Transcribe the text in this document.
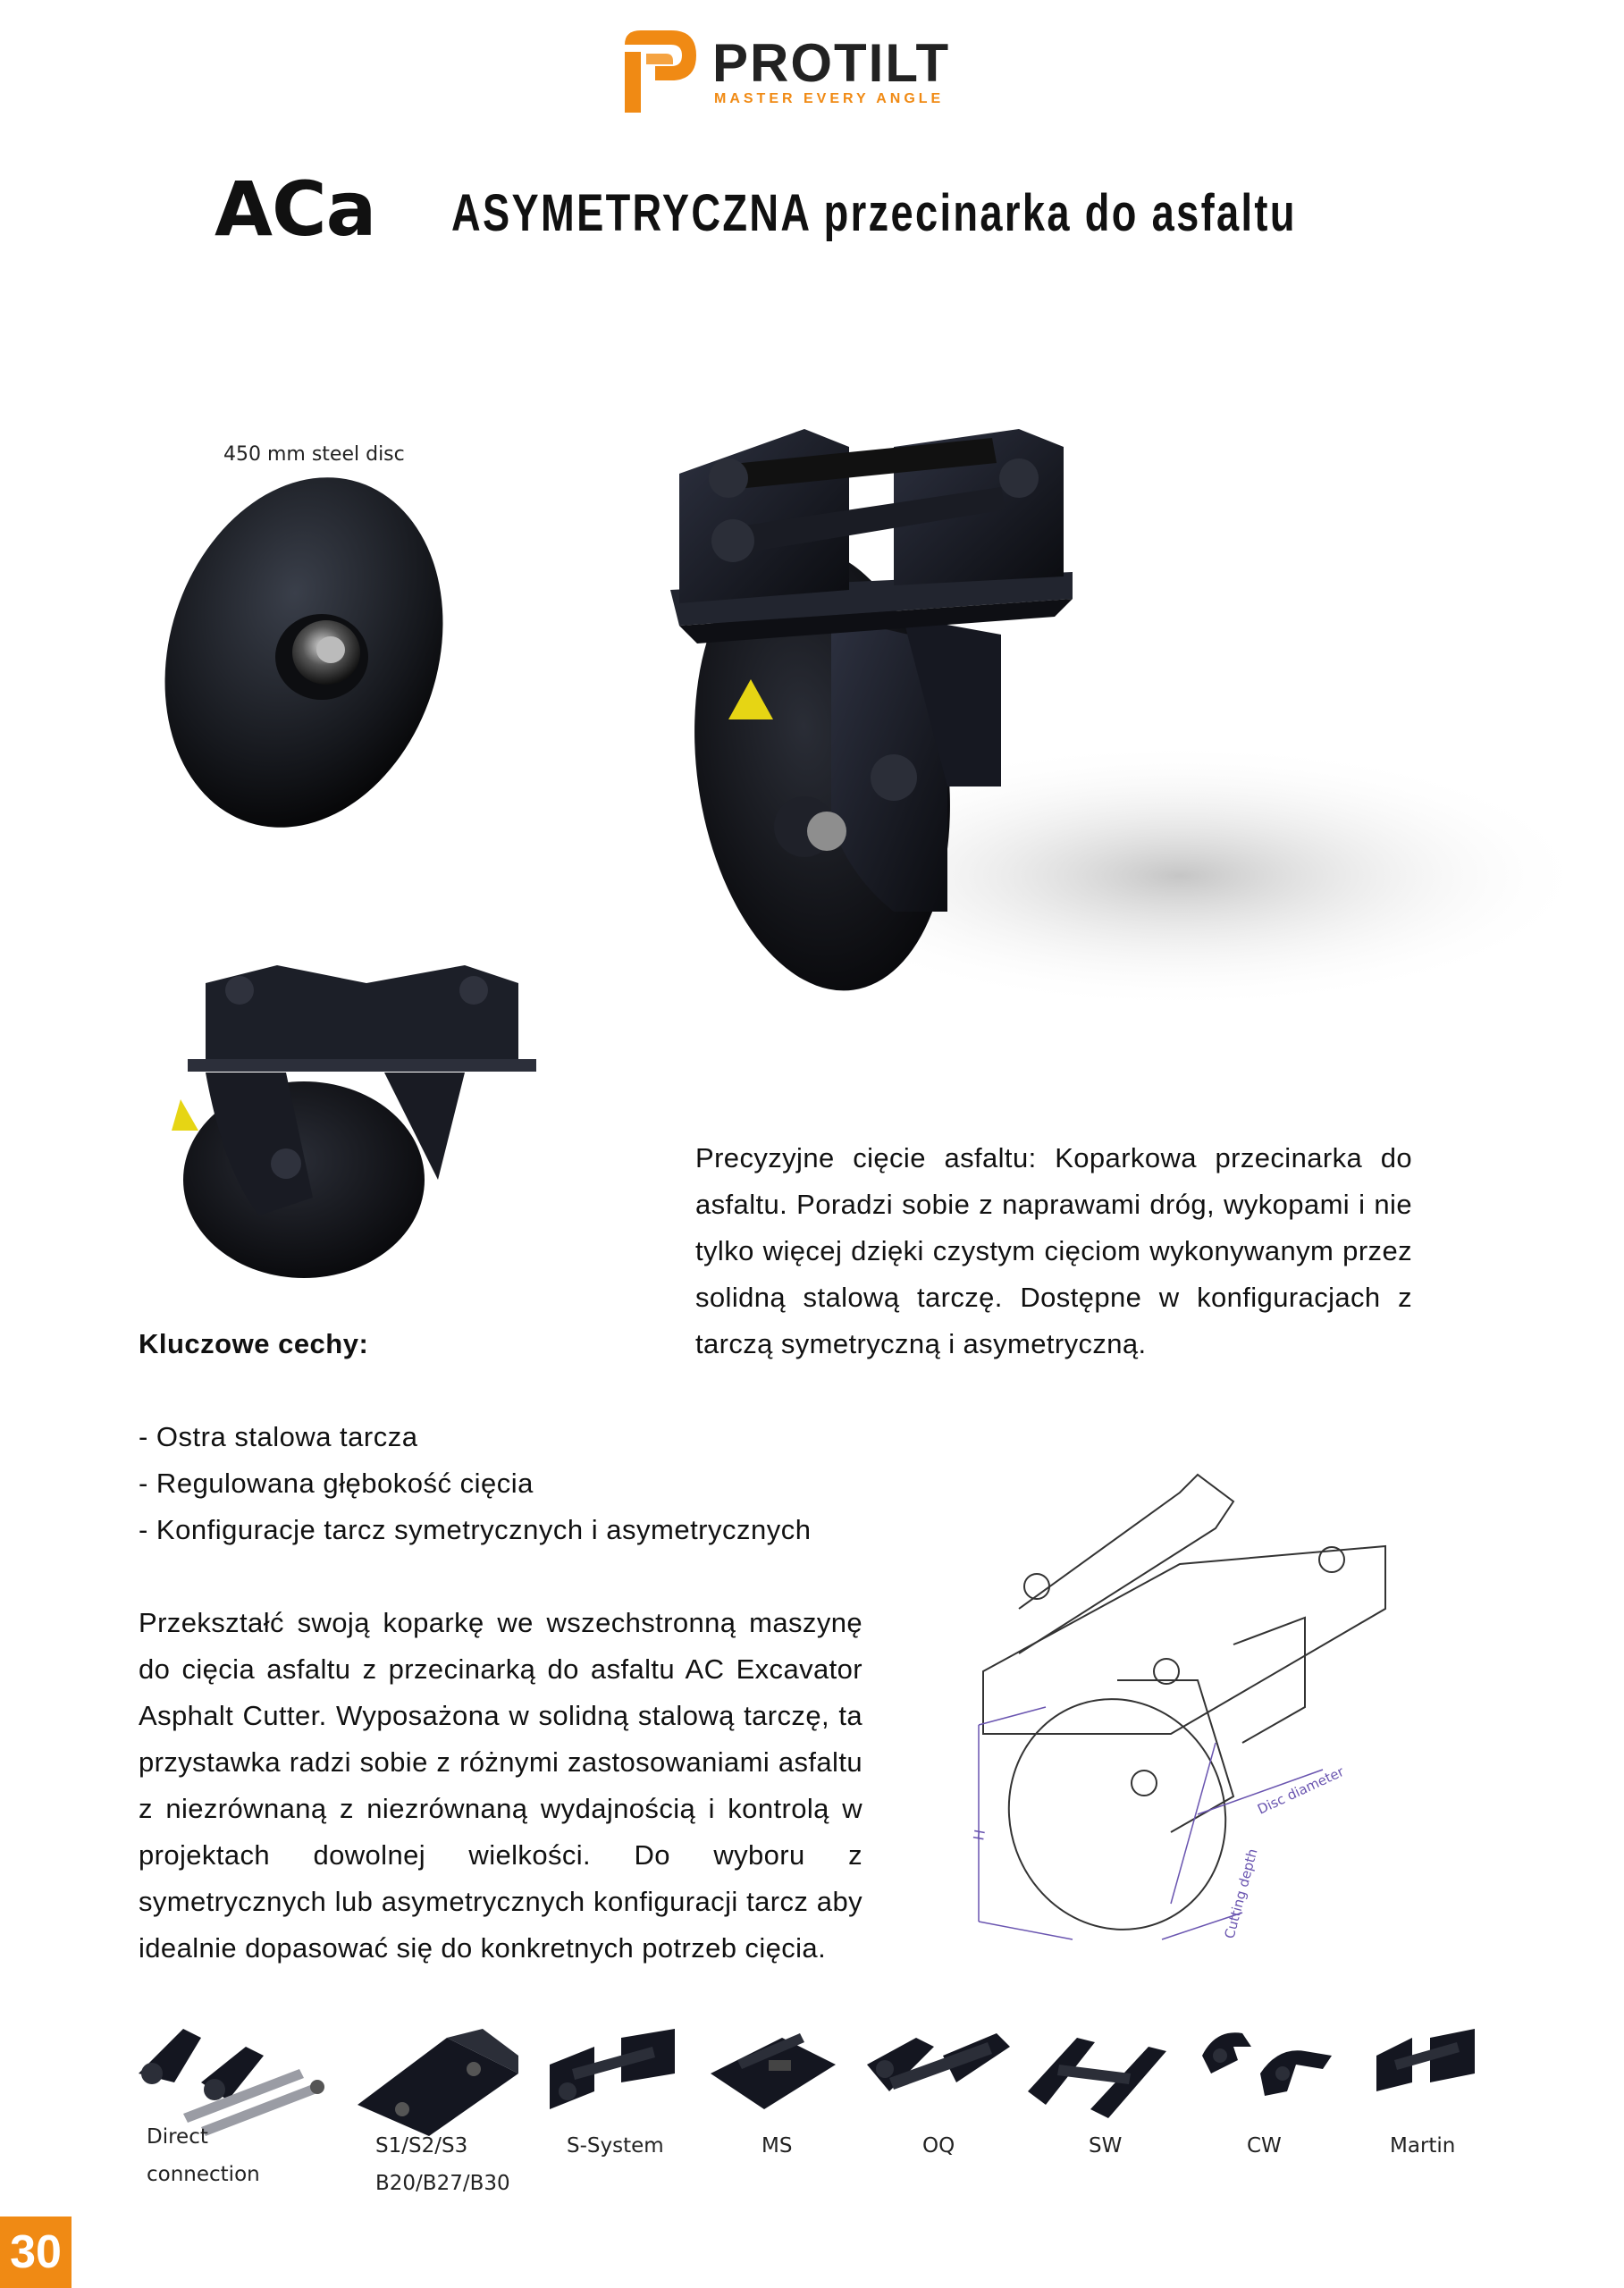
PROTILT
MASTER EVERY ANGLE
ACa ASYMETRYCZNA przecinarka do asfaltu
450 mm steel disc
H
Disc diameter
Cutting depth
Precyzyjne cięcie asfaltu: Koparkowa przecinarka do asfaltu. Poradzi sobie z naprawami dróg, wykopami i nie tylko więcej dzięki czystym cięciom wykonywanym przez solidną stalową tarczę. Dostępne w konfiguracjach z tarczą symetryczną i asymetryczną.
Kluczowe cechy:
- Ostra stalowa tarcza
- Regulowana głębokość cięcia
- Konfiguracje tarcz symetrycznych i asymetrycznych
Przekształć swoją koparkę we wszechstronną maszynę do cięcia asfaltu z przecinarką do asfaltu AC Excavator Asphalt Cutter. Wyposażona w solidną stalową tarczę, ta przystawka radzi sobie z różnymi zastosowaniami asfaltu z niezrównaną z niezrównaną wydajnością i kontrolą w projektach dowolnej wielkości. Do wyboru z symetrycznych lub asymetrycznych konfiguracji tarcz aby idealnie dopasować się do konkretnych potrzeb cięcia.
Direct
connection
S1/S2/S3
B20/B27/B30
S-System	MS	OQ	SW	CW	Martin
30
